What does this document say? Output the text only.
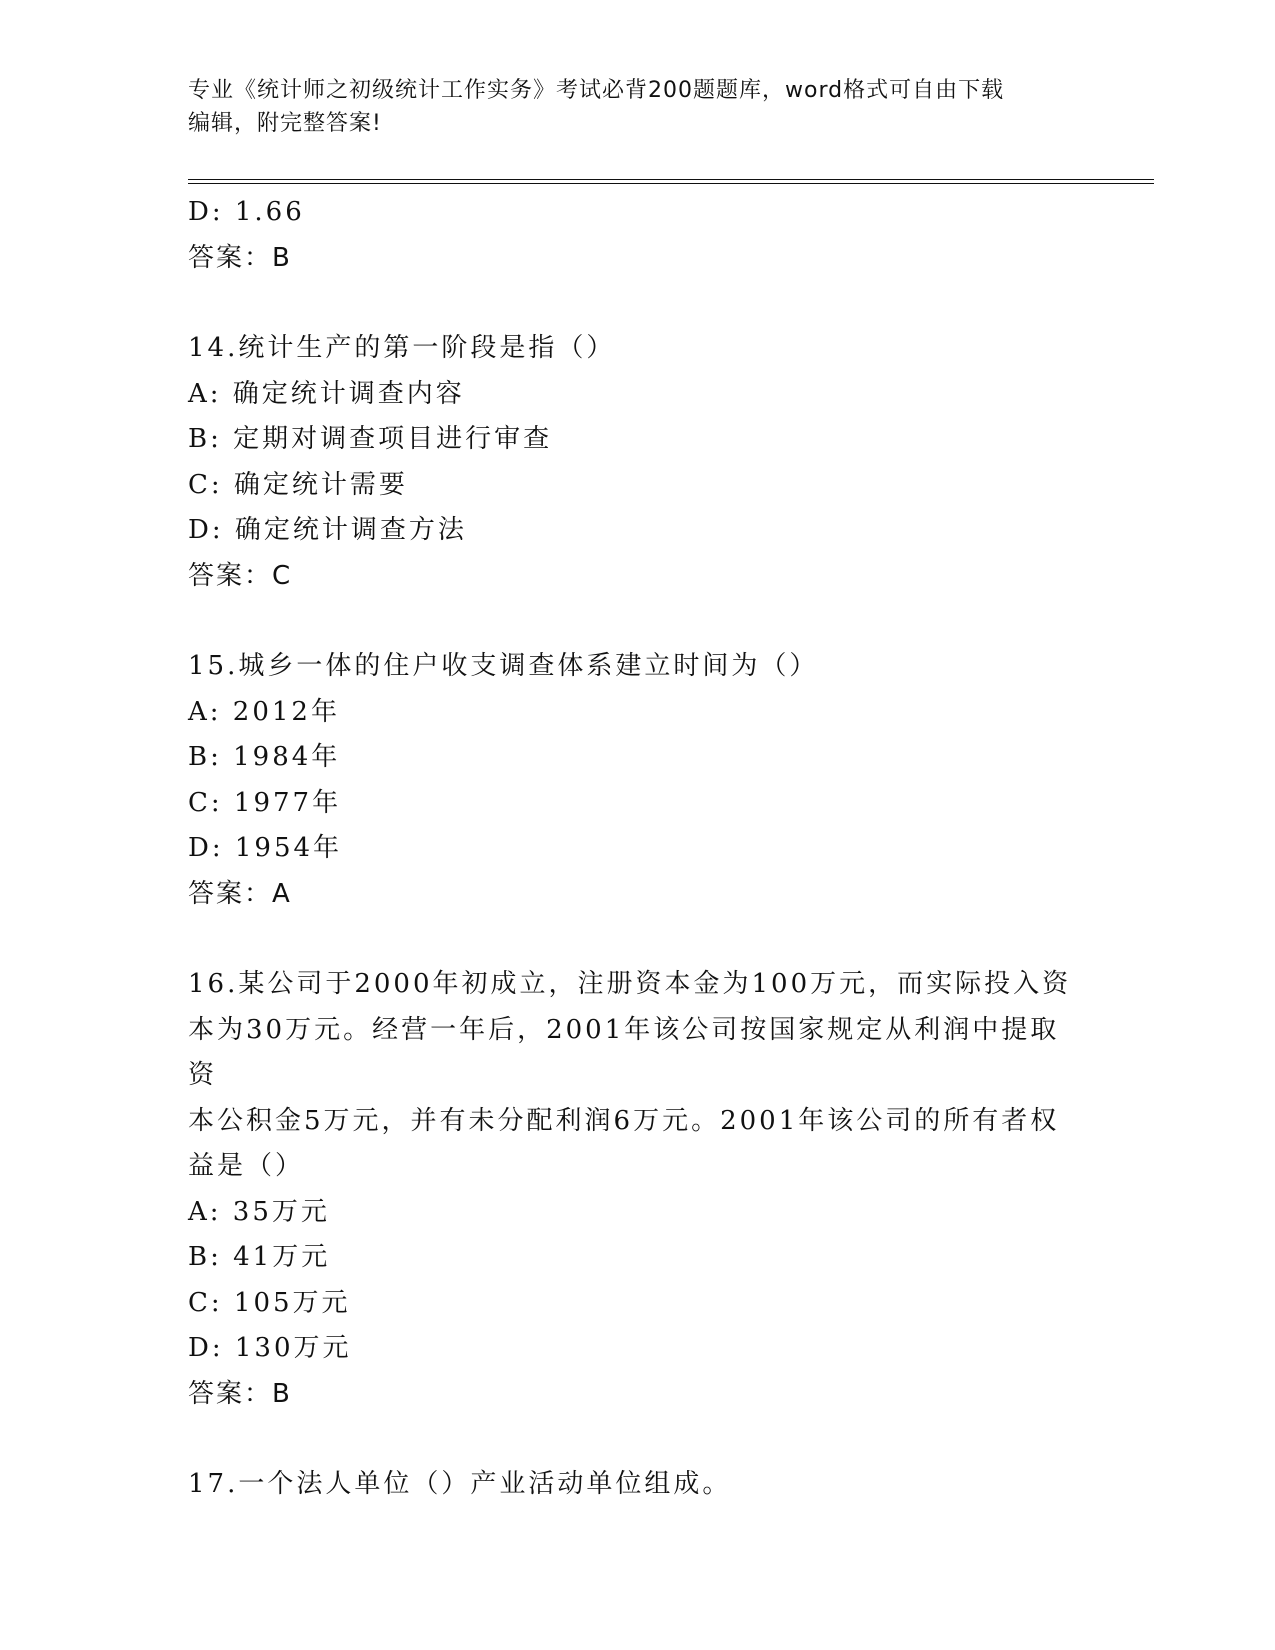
专业《统计师之初级统计工作实务》考试必背200题题库，word格式可自由下载
编辑，附完整答案!
D: 1.66
答案：B
14.统计生产的第一阶段是指（）
A: 确定统计调查内容
B: 定期对调查项目进行审查
C: 确定统计需要
D: 确定统计调查方法
答案：C
15.城乡一体的住户收支调查体系建立时间为（）
A: 2012年
B: 1984年
C: 1977年
D: 1954年
答案：A
16.某公司于2000年初成立，注册资本金为100万元，而实际投入资
本为30万元。经营一年后，2001年该公司按国家规定从利润中提取资
本公积金5万元，并有未分配利润6万元。2001年该公司的所有者权
益是（）
A: 35万元
B: 41万元
C: 105万元
D: 130万元
答案：B
17.一个法人单位（）产业活动单位组成。
